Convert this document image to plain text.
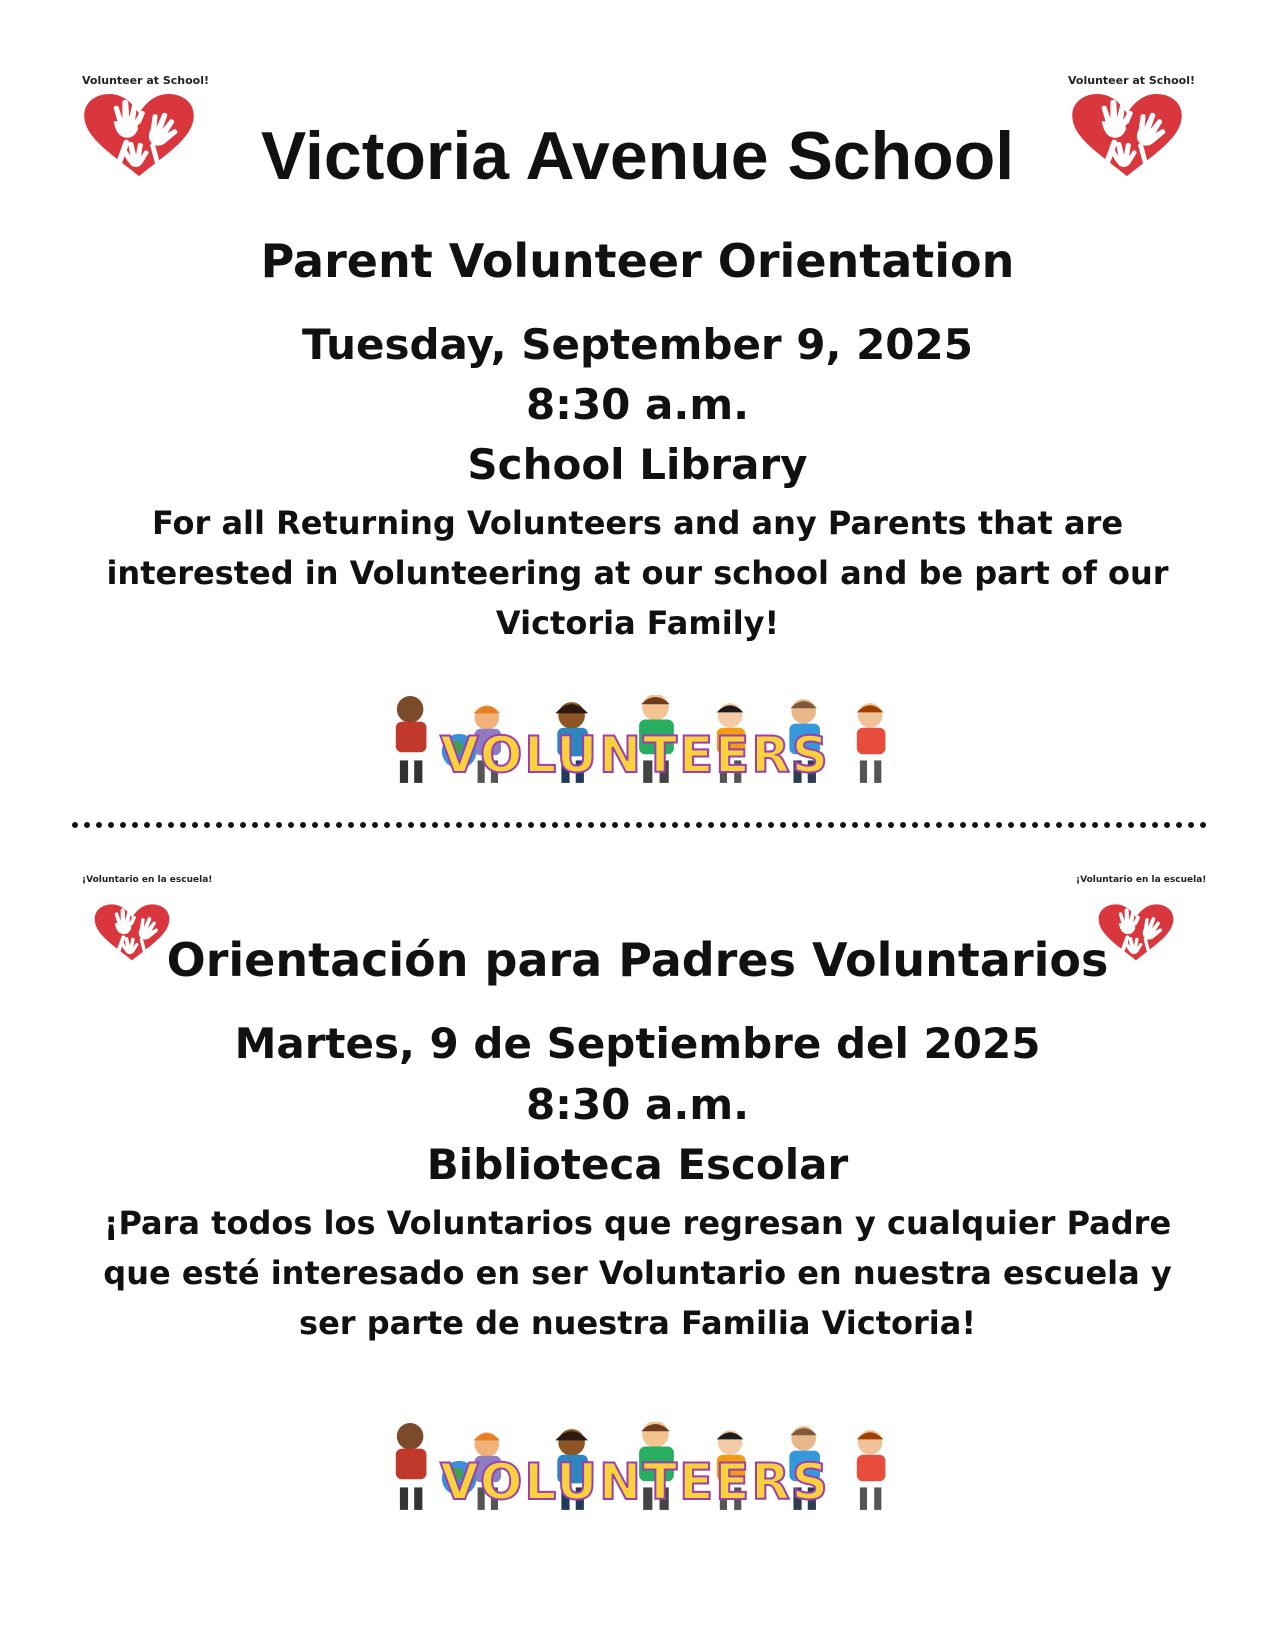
Volunteer at School!	Volunteer at School!
Victoria Avenue School
Parent Volunteer Orientation
Tuesday, September 9, 2025
8:30 a.m.
School Library
For all Returning Volunteers and any Parents that are interested in Volunteering at our school and be part of our Victoria Family!
VOLUNTEERS
¡Voluntario en la escuela!	¡Voluntario en la escuela!
Orientación para Padres Voluntarios
Martes, 9 de Septiembre del 2025
8:30 a.m.
Biblioteca Escolar
¡Para todos los Voluntarios que regresan y cualquier Padre que esté interesado en ser Voluntario en nuestra escuela y ser parte de nuestra Familia Victoria!
VOLUNTEERS
